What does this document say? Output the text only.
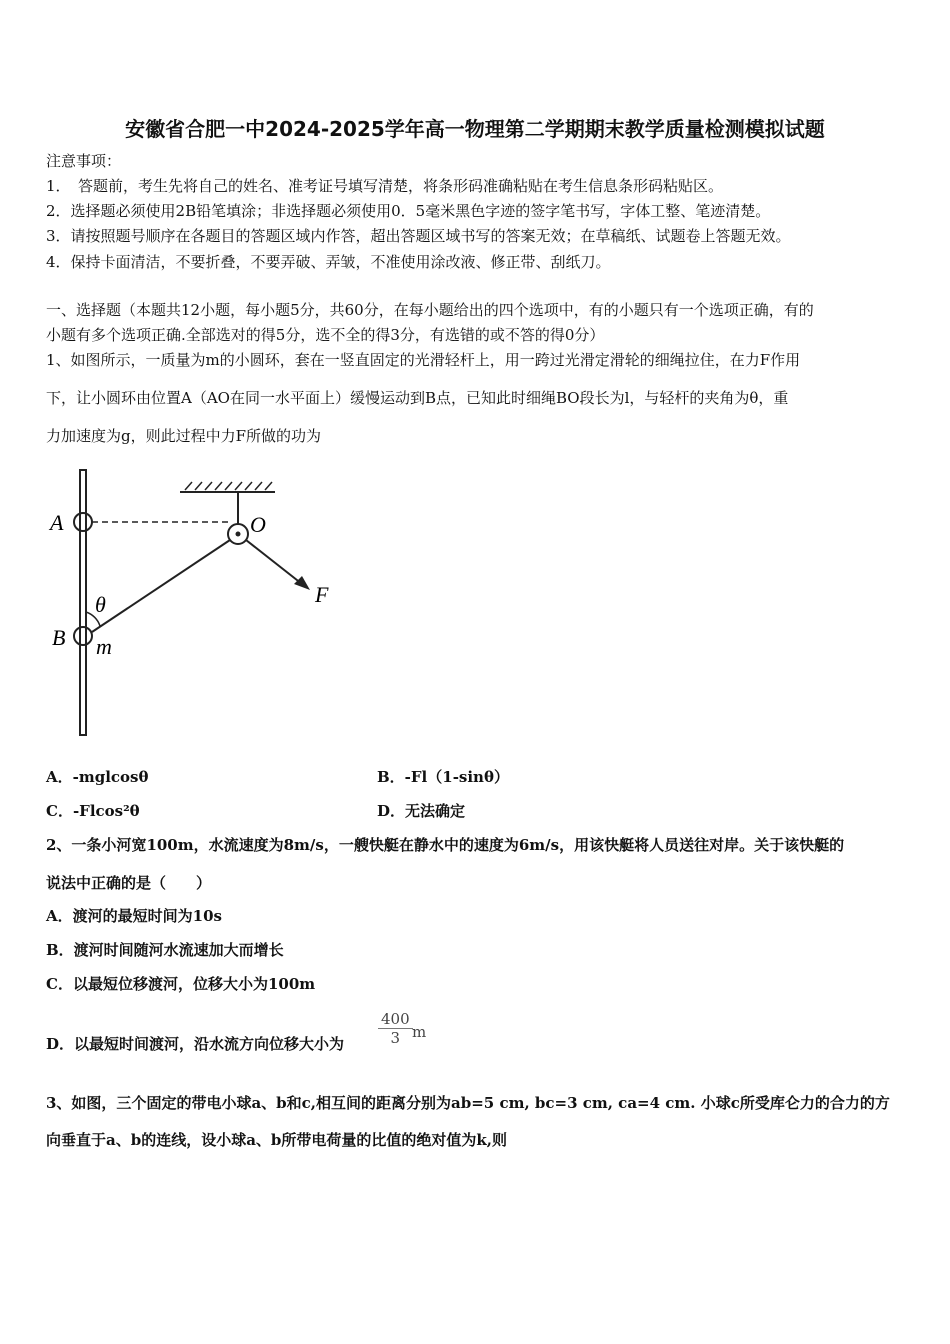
安徽省合肥一中2024-2025学年高一物理第二学期期末教学质量检测模拟试题
注意事项：
1．　答题前，考生先将自己的姓名、准考证号填写清楚，将条形码准确粘贴在考生信息条形码粘贴区。
2．选择题必须使用2B铅笔填涂；非选择题必须使用0．5毫米黑色字迹的签字笔书写，字体工整、笔迹清楚。
3．请按照题号顺序在各题目的答题区域内作答，超出答题区域书写的答案无效；在草稿纸、试题卷上答题无效。
4．保持卡面清洁，不要折叠，不要弄破、弄皱，不准使用涂改液、修正带、刮纸刀。
一、选择题（本题共12小题，每小题5分，共60分，在每小题给出的四个选项中，有的小题只有一个选项正确，有的
小题有多个选项正确.全部选对的得5分，选不全的得3分，有选错的或不答的得0分）
1、如图所示，一质量为m的小圆环，套在一竖直固定的光滑轻杆上，用一跨过光滑定滑轮的细绳拉住，在力F作用
下，让小圆环由位置A（AO在同一水平面上）缓慢运动到B点，已知此时细绳BO段长为l，与轻杆的夹角为θ，重
力加速度为g，则此过程中力F所做的功为
A	O
F
θ
B m
A．-mglcosθ	B．-Fl（1-sinθ）
C．-Flcos²θ	D．无法确定
2、一条小河宽100m，水流速度为8m/s，一艘快艇在静水中的速度为6m/s，用该快艇将人员送往对岸。关于该快艇的
说法中正确的是（　　）
A．渡河的最短时间为10s
B．渡河时间随河水流速加大而增长
C．以最短位移渡河，位移大小为100m
D．以最短时间渡河，沿水流方向位移大小为 $\frac{400}{3}$ m
3、如图，三个固定的带电小球a、b和c,相互间的距离分别为ab=5 cm, bc=3 cm, ca=4 cm. 小球c所受库仑力的合力的方
向垂直于a、b的连线，设小球a、b所带电荷量的比值的绝对值为k,则
